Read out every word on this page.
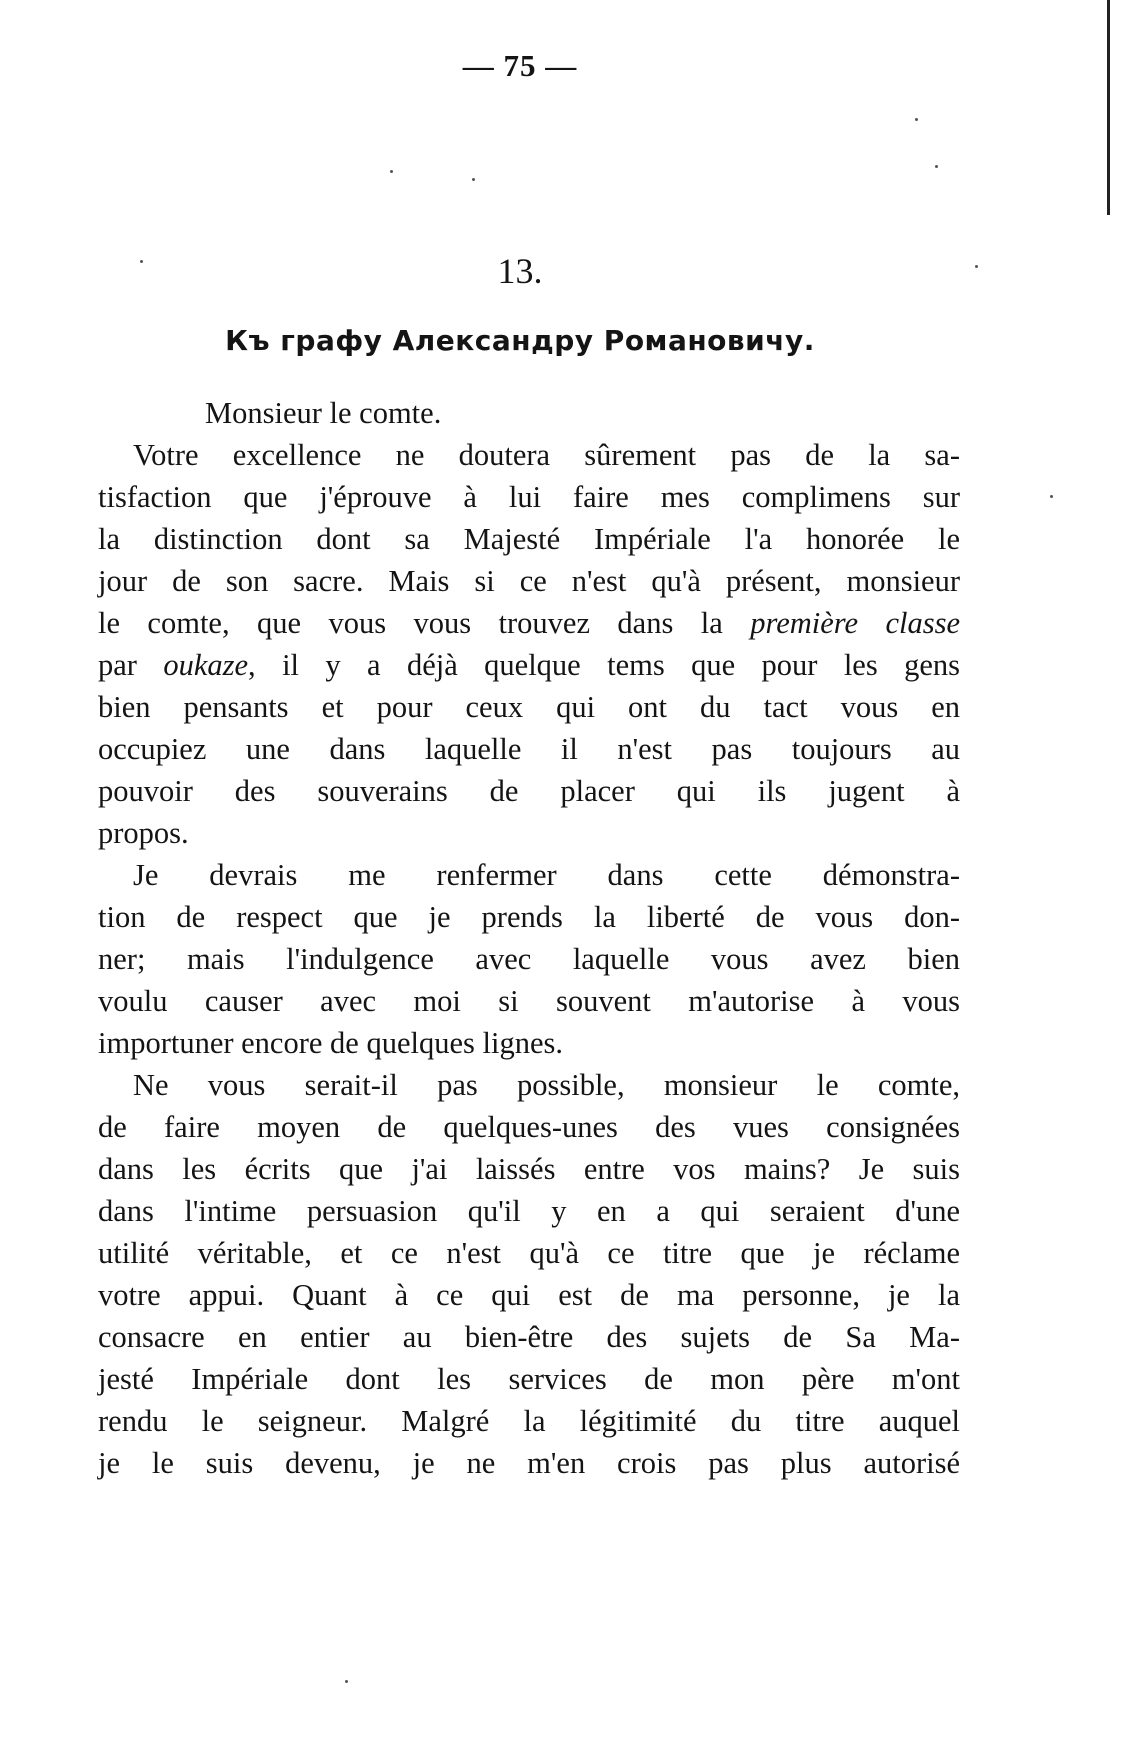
— 75 —
13.
Къ графу Александру Романовичу.

Monsieur le comte.

Votre excellence ne doutera sûrement pas de la sa-
tisfaction que j'éprouve à lui faire mes complimens sur
la distinction dont sa Majesté Impériale l'a honorée le
jour de son sacre. Mais si ce n'est qu'à présent, monsieur
le comte, que vous vous trouvez dans la première classe
par oukaze, il y a déjà quelque tems que pour les gens
bien pensants et pour ceux qui ont du tact vous en
occupiez une dans laquelle il n'est pas toujours au
pouvoir des souverains de placer qui ils jugent à
propos.
Je devrais me renfermer dans cette démonstra-
tion de respect que je prends la liberté de vous don-
ner; mais l'indulgence avec laquelle vous avez bien
voulu causer avec moi si souvent m'autorise à vous
importuner encore de quelques lignes.
Ne vous serait-il pas possible, monsieur le comte,
de faire moyen de quelques-unes des vues consignées
dans les écrits que j'ai laissés entre vos mains? Je suis
dans l'intime persuasion qu'il y en a qui seraient d'une
utilité véritable, et ce n'est qu'à ce titre que je réclame
votre appui. Quant à ce qui est de ma personne, je la
consacre en entier au bien-être des sujets de Sa Ma-
jesté Impériale dont les services de mon père m'ont
rendu le seigneur. Malgré la légitimité du titre auquel
je le suis devenu, je ne m'en crois pas plus autorisé
